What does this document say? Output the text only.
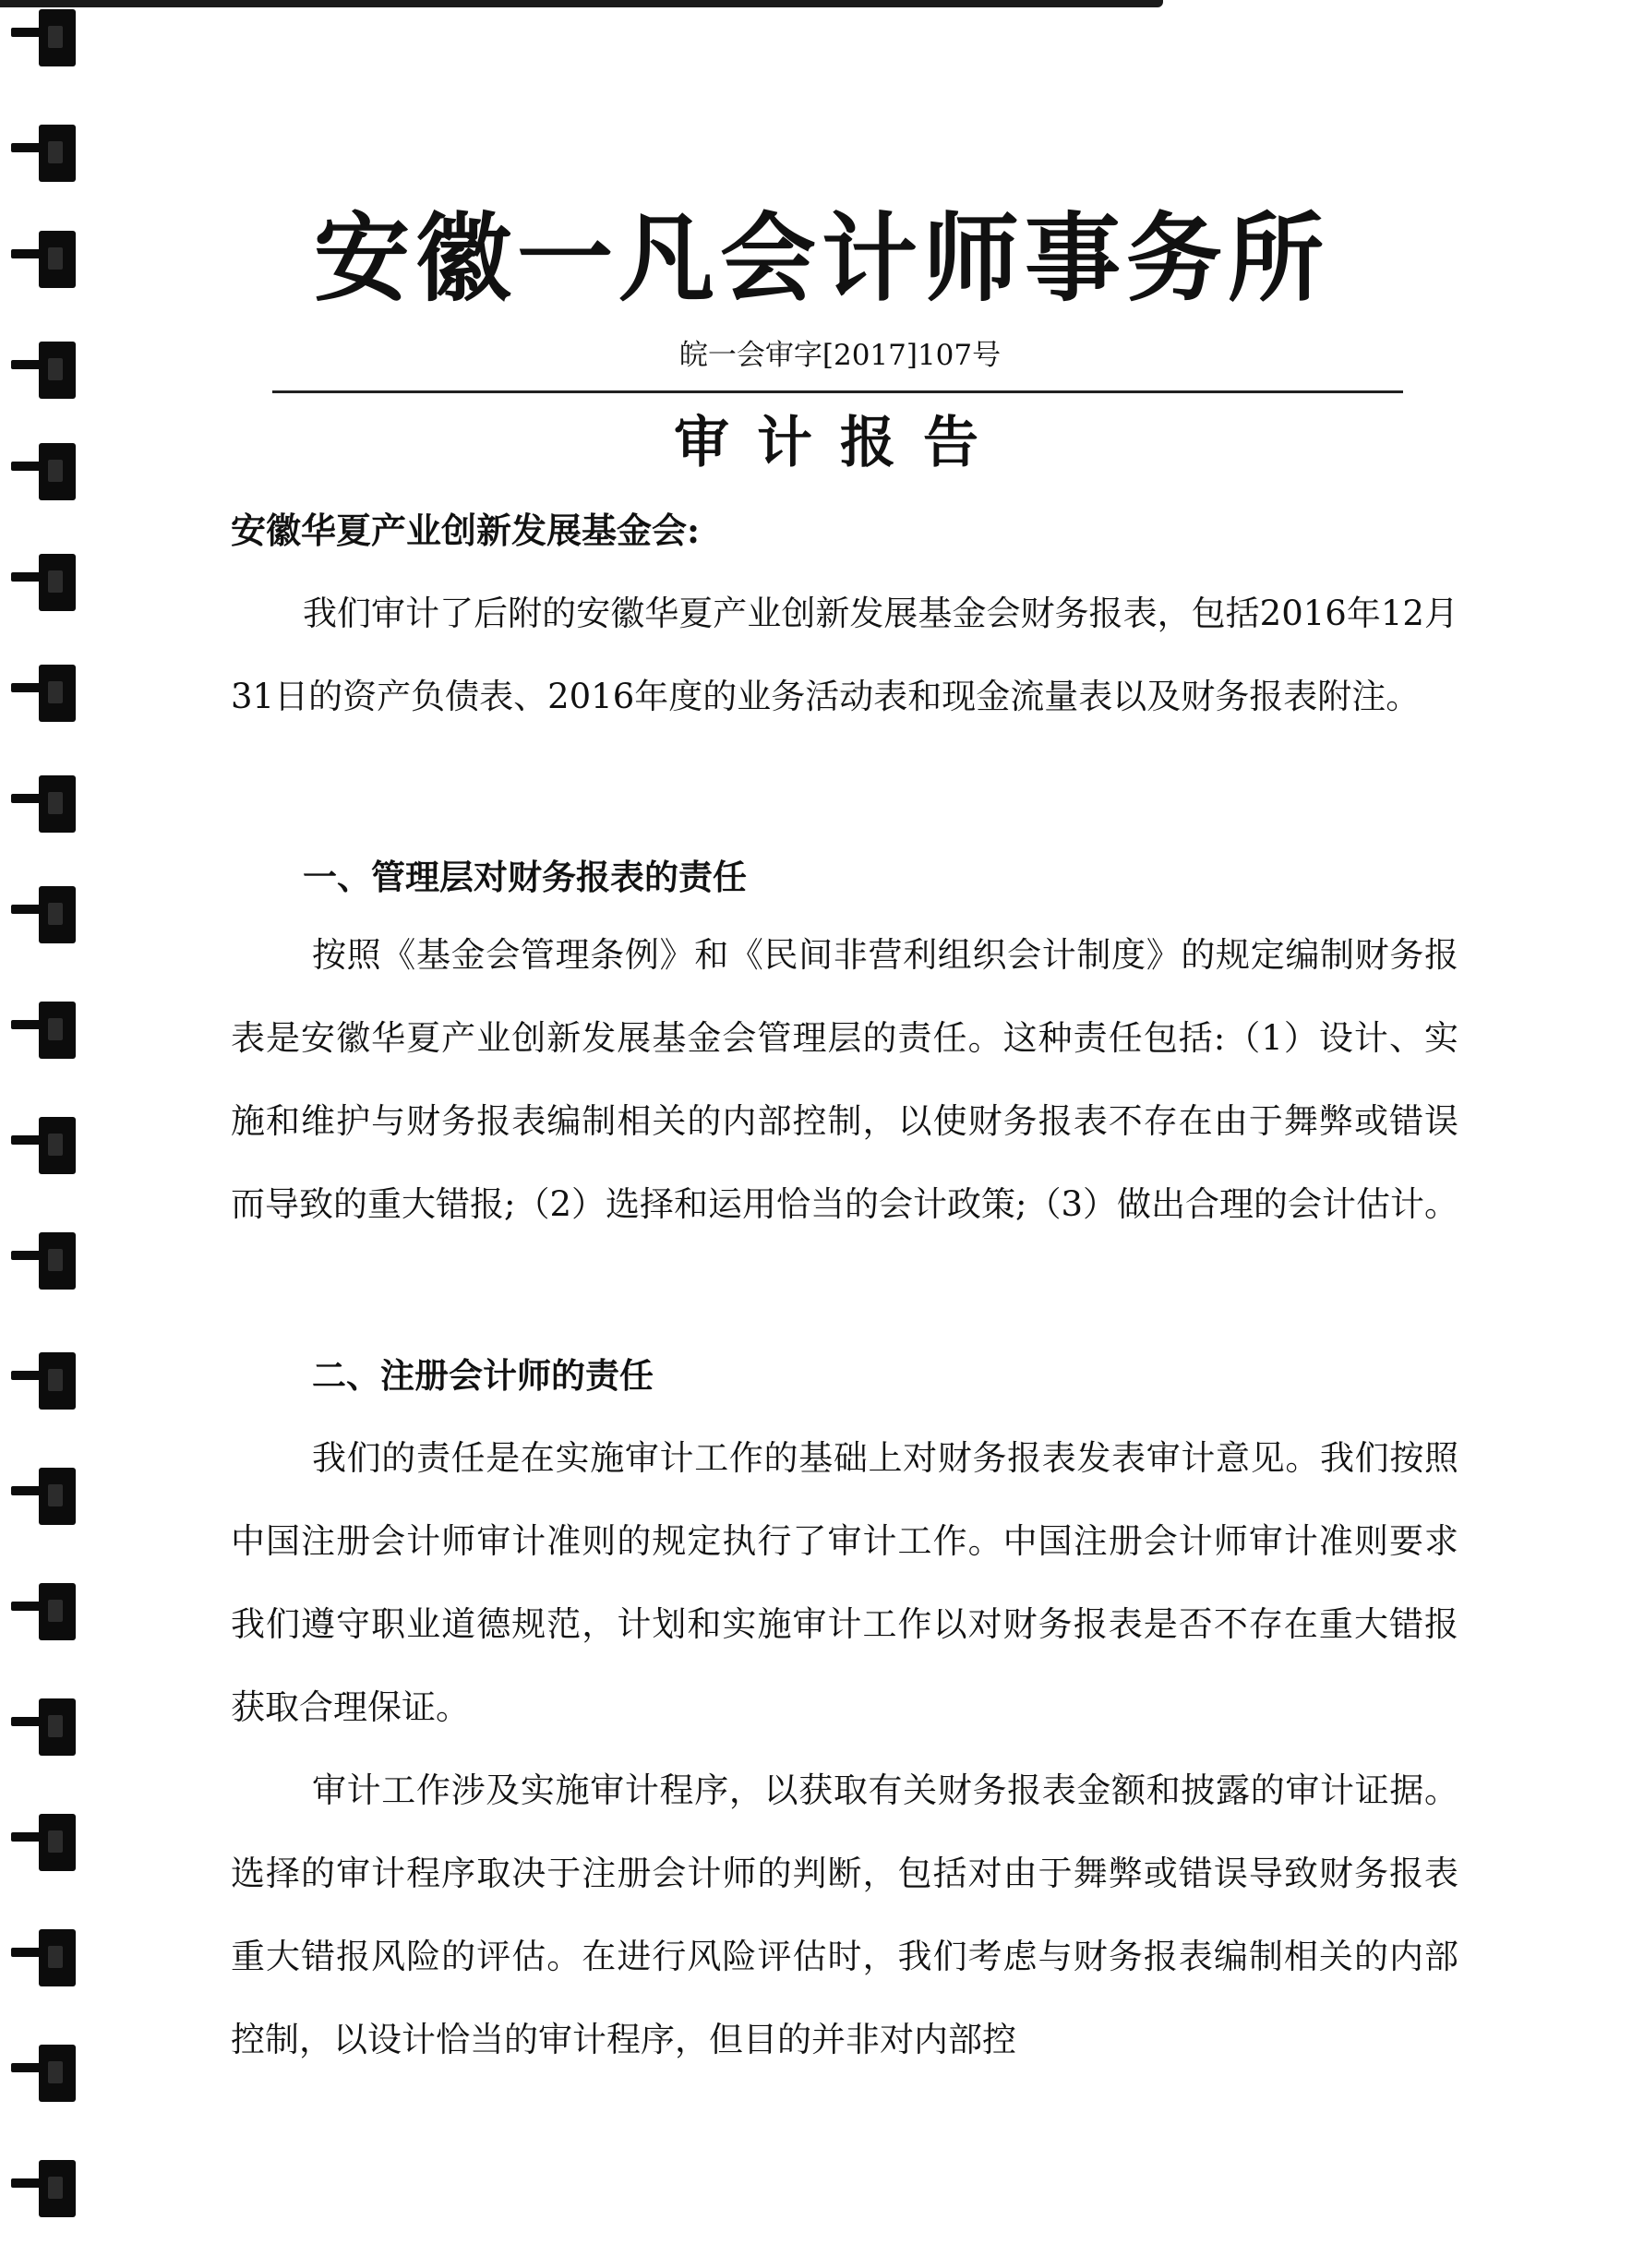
安徽一凡会计师事务所
皖一会审字[2017]107号
审计报告
安徽华夏产业创新发展基金会:
我们审计了后附的安徽华夏产业创新发展基金会财务报表，包括2016年12月31日的资产负债表、2016年度的业务活动表和现金流量表以及财务报表附注。
一、管理层对财务报表的责任
按照《基金会管理条例》和《民间非营利组织会计制度》的规定编制财务报表是安徽华夏产业创新发展基金会管理层的责任。这种责任包括:（1）设计、实施和维护与财务报表编制相关的内部控制，以使财务报表不存在由于舞弊或错误而导致的重大错报;（2）选择和运用恰当的会计政策;（3）做出合理的会计估计。
二、注册会计师的责任
我们的责任是在实施审计工作的基础上对财务报表发表审计意见。我们按照中国注册会计师审计准则的规定执行了审计工作。中国注册会计师审计准则要求我们遵守职业道德规范，计划和实施审计工作以对财务报表是否不存在重大错报获取合理保证。
审计工作涉及实施审计程序，以获取有关财务报表金额和披露的审计证据。选择的审计程序取决于注册会计师的判断，包括对由于舞弊或错误导致财务报表重大错报风险的评估。在进行风险评估时，我们考虑与财务报表编制相关的内部控制，以设计恰当的审计程序，但目的并非对内部控
